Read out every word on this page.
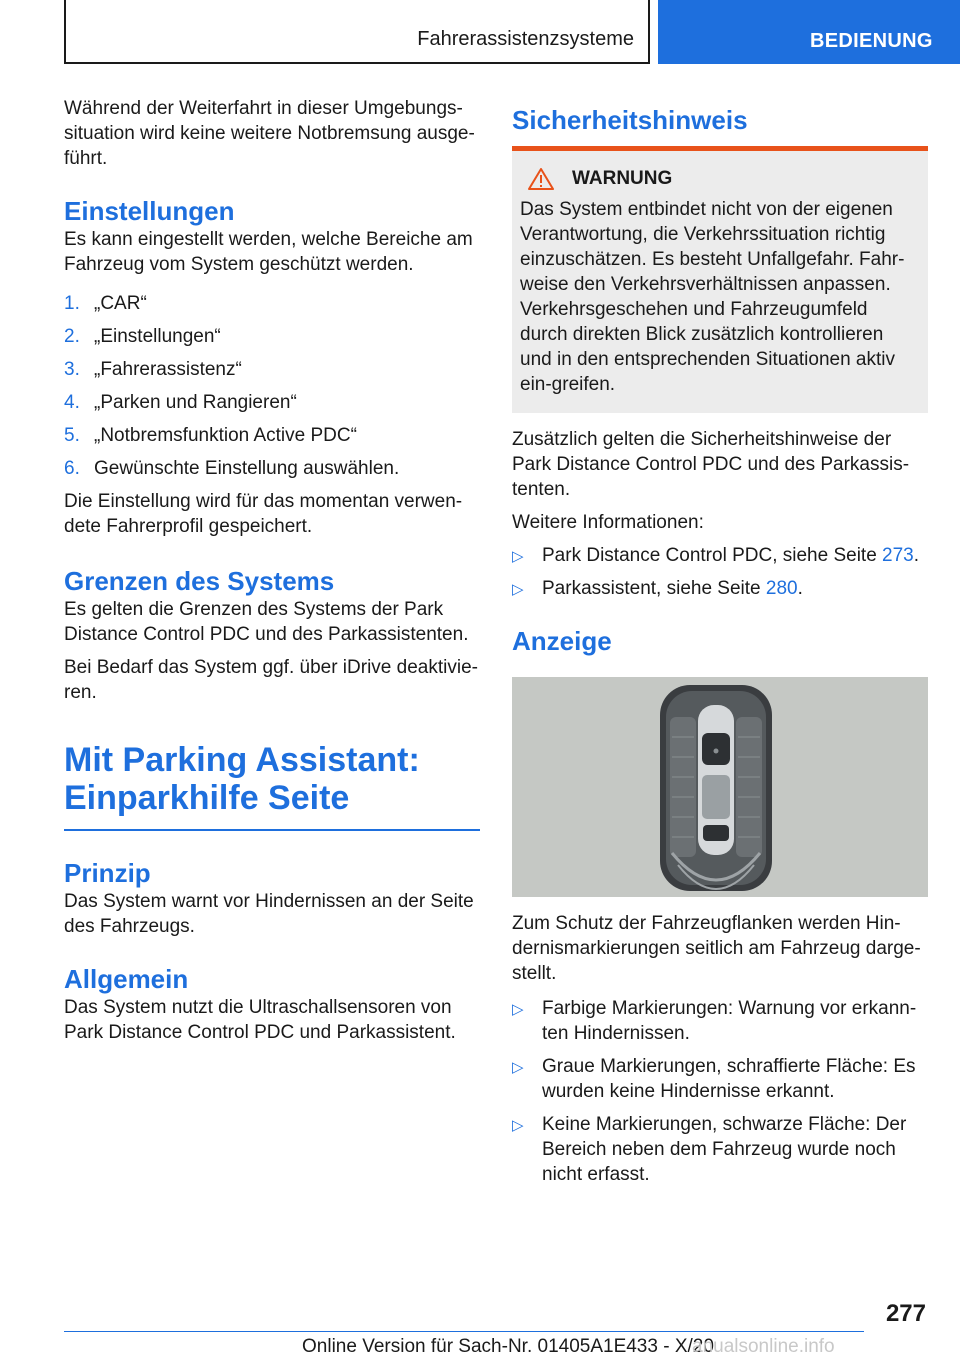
Fahrerassistenzsysteme	BEDIENUNG

Während der Weiterfahrt in dieser Umgebungs-situation wird keine weitere Notbremsung ausge-führt.

Einstellungen

Es kann eingestellt werden, welche Bereiche am Fahrzeug vom System geschützt werden.

1. „CAR“
2. „Einstellungen“
3. „Fahrerassistenz“
4. „Parken und Rangieren“
5. „Notbremsfunktion Active PDC“
6. Gewünschte Einstellung auswählen.

Die Einstellung wird für das momentan verwen-dete Fahrerprofil gespeichert.

Grenzen des Systems

Es gelten die Grenzen des Systems der Park Distance Control PDC und des Parkassistenten.

Bei Bedarf das System ggf. über iDrive deaktivie-ren.

Mit Parking Assistant: Einparkhilfe Seite
Prinzip

Das System warnt vor Hindernissen an der Seite des Fahrzeugs.

Allgemein

Das System nutzt die Ultraschallsensoren von Park Distance Control PDC und Parkassistent.

Sicherheitshinweis
WARNUNG

Das System entbindet nicht von der eigenen Verantwortung, die Verkehrssituation richtig einzuschätzen. Es besteht Unfallgefahr. Fahr-weise den Verkehrsverhältnissen anpassen. Verkehrsgeschehen und Fahrzeugumfeld durch direkten Blick zusätzlich kontrollieren und in den entsprechenden Situationen aktiv ein-greifen.

Zusätzlich gelten die Sicherheitshinweise der Park Distance Control PDC und des Parkassis-tenten.

Weitere Informationen:

▷ Park Distance Control PDC, siehe Seite 273.
▷ Parkassistent, siehe Seite 280.
Anzeige

Zum Schutz der Fahrzeugflanken werden Hin-dernismarkierungen seitlich am Fahrzeug darge-stellt.

▷ Farbige Markierungen: Warnung vor erkann-ten Hindernissen.
▷ Graue Markierungen, schraffierte Fläche: Es wurden keine Hindernisse erkannt.
▷ Keine Markierungen, schwarze Fläche: Der Bereich neben dem Fahrzeug wurde noch nicht erfasst.
277
Online Version für Sach-Nr. 01405A1E433 - X/20
anualsonline.info
